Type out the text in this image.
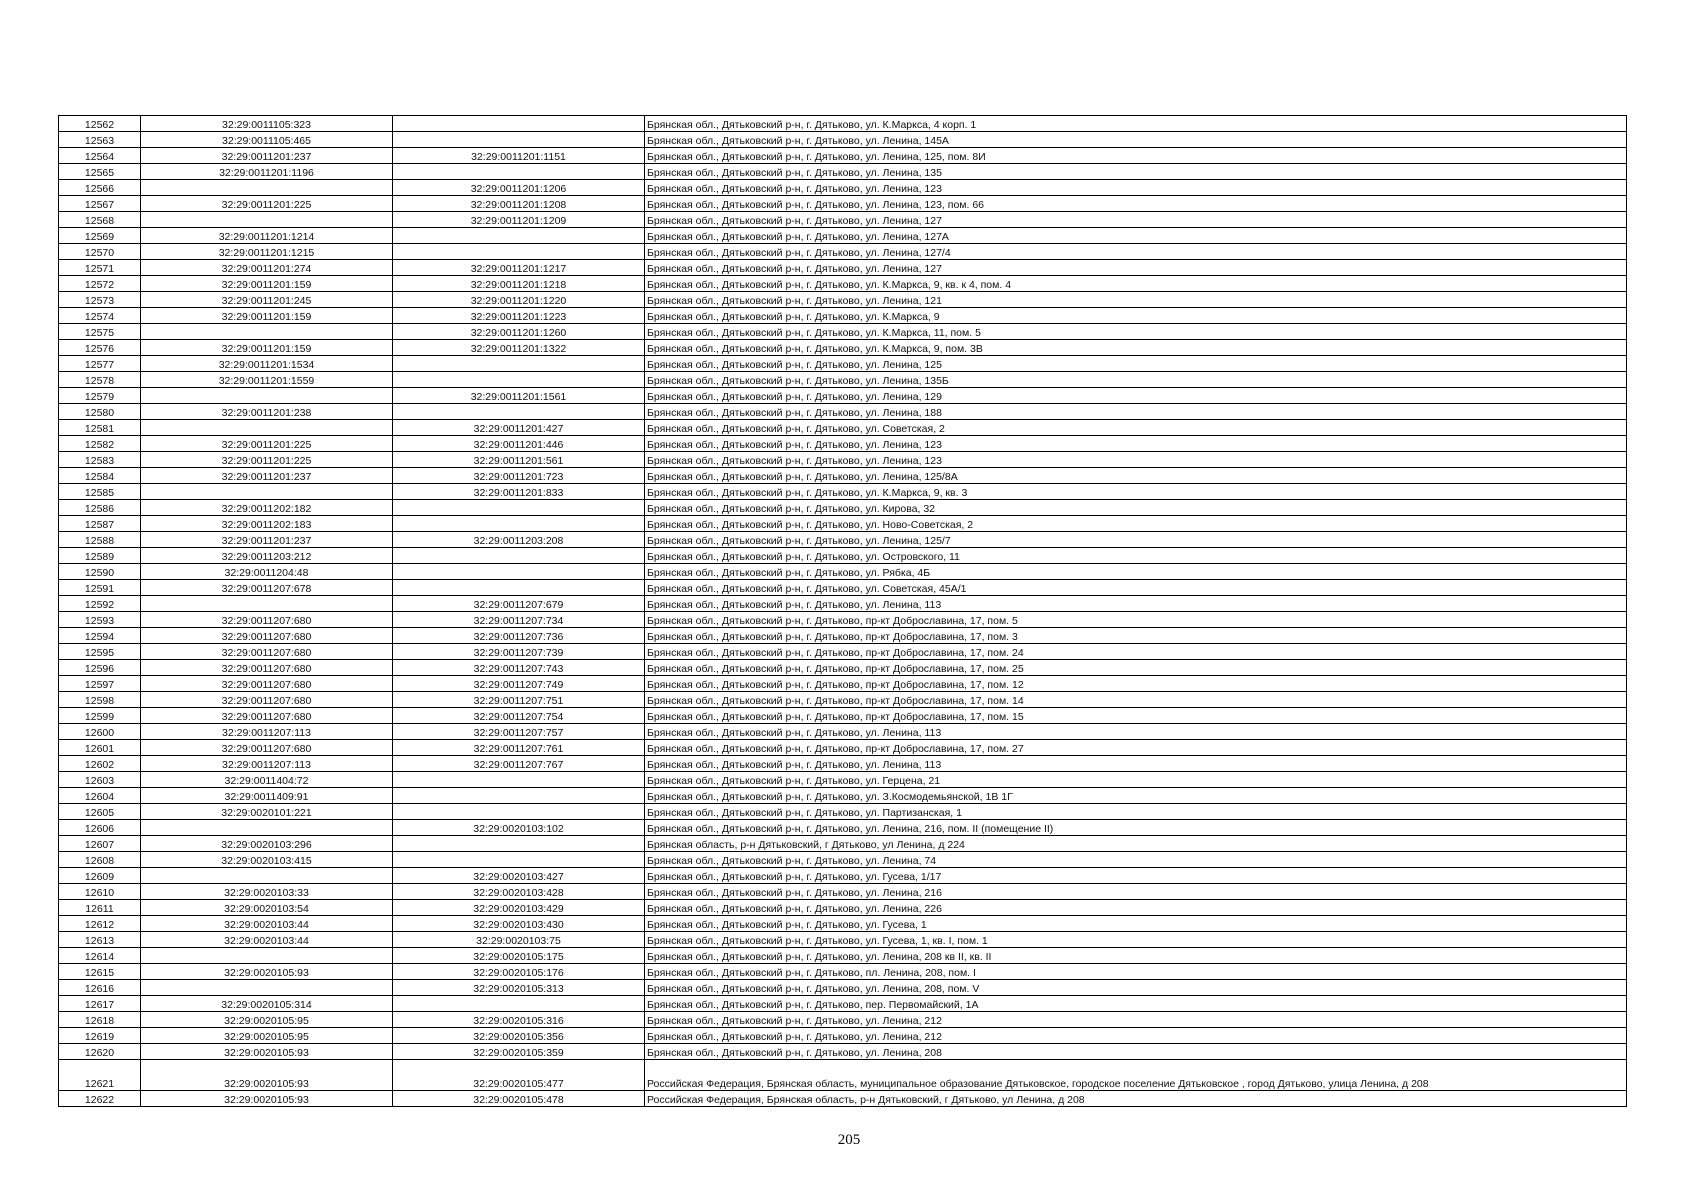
12562	32:29:0011105:323		Брянская обл., Дятьковский р-н, г. Дятьково, ул. К.Маркса, 4 корп. 1
12563	32:29:0011105:465		Брянская обл., Дятьковский р-н, г. Дятьково, ул. Ленина, 145А
12564	32:29:0011201:237	32:29:0011201:1151	Брянская обл., Дятьковский р-н, г. Дятьково, ул. Ленина, 125, пом. 8И
12565	32:29:0011201:1196		Брянская обл., Дятьковский р-н, г. Дятьково, ул. Ленина, 135
12566		32:29:0011201:1206	Брянская обл., Дятьковский р-н, г. Дятьково, ул. Ленина, 123
12567	32:29:0011201:225	32:29:0011201:1208	Брянская обл., Дятьковский р-н, г. Дятьково, ул. Ленина, 123, пом. 66
12568		32:29:0011201:1209	Брянская обл., Дятьковский р-н, г. Дятьково, ул. Ленина, 127
12569	32:29:0011201:1214		Брянская обл., Дятьковский р-н, г. Дятьково, ул. Ленина, 127А
12570	32:29:0011201:1215		Брянская обл., Дятьковский р-н, г. Дятьково, ул. Ленина, 127/4
12571	32:29:0011201:274	32:29:0011201:1217	Брянская обл., Дятьковский р-н, г. Дятьково, ул. Ленина, 127
12572	32:29:0011201:159	32:29:0011201:1218	Брянская обл., Дятьковский р-н, г. Дятьково, ул. К.Маркса, 9, кв. к 4, пом. 4
12573	32:29:0011201:245	32:29:0011201:1220	Брянская обл., Дятьковский р-н, г. Дятьково, ул. Ленина, 121
12574	32:29:0011201:159	32:29:0011201:1223	Брянская обл., Дятьковский р-н, г. Дятьково, ул. К.Маркса, 9
12575		32:29:0011201:1260	Брянская обл., Дятьковский р-н, г. Дятьково, ул. К.Маркса, 11, пом. 5
12576	32:29:0011201:159	32:29:0011201:1322	Брянская обл., Дятьковский р-н, г. Дятьково, ул. К.Маркса, 9, пом. 3В
12577	32:29:0011201:1534		Брянская обл., Дятьковский р-н, г. Дятьково, ул. Ленина, 125
12578	32:29:0011201:1559		Брянская обл., Дятьковский р-н, г. Дятьково, ул. Ленина, 135Б
12579		32:29:0011201:1561	Брянская обл., Дятьковский р-н, г. Дятьково, ул. Ленина, 129
12580	32:29:0011201:238		Брянская обл., Дятьковский р-н, г. Дятьково, ул. Ленина, 188
12581		32:29:0011201:427	Брянская обл., Дятьковский р-н, г. Дятьково, ул. Советская, 2
12582	32:29:0011201:225	32:29:0011201:446	Брянская обл., Дятьковский р-н, г. Дятьково, ул. Ленина, 123
12583	32:29:0011201:225	32:29:0011201:561	Брянская обл., Дятьковский р-н, г. Дятьково, ул. Ленина, 123
12584	32:29:0011201:237	32:29:0011201:723	Брянская обл., Дятьковский р-н, г. Дятьково, ул. Ленина, 125/8А
12585		32:29:0011201:833	Брянская обл., Дятьковский р-н, г. Дятьково, ул. К.Маркса, 9, кв. 3
12586	32:29:0011202:182		Брянская обл., Дятьковский р-н, г. Дятьково, ул. Кирова, 32
12587	32:29:0011202:183		Брянская обл., Дятьковский р-н, г. Дятьково, ул. Ново-Советская, 2
12588	32:29:0011201:237	32:29:0011203:208	Брянская обл., Дятьковский р-н, г. Дятьково, ул. Ленина, 125/7
12589	32:29:0011203:212		Брянская обл., Дятьковский р-н, г. Дятьково, ул. Островского, 11
12590	32:29:0011204:48		Брянская обл., Дятьковский р-н, г. Дятьково, ул. Рябка, 4Б
12591	32:29:0011207:678		Брянская обл., Дятьковский р-н, г. Дятьково, ул. Советская, 45А/1
12592		32:29:0011207:679	Брянская обл., Дятьковский р-н, г. Дятьково, ул. Ленина, 113
12593	32:29:0011207:680	32:29:0011207:734	Брянская обл., Дятьковский р-н, г. Дятьково, пр-кт Доброславина, 17, пом. 5
12594	32:29:0011207:680	32:29:0011207:736	Брянская обл., Дятьковский р-н, г. Дятьково, пр-кт Доброславина, 17, пом. 3
12595	32:29:0011207:680	32:29:0011207:739	Брянская обл., Дятьковский р-н, г. Дятьково, пр-кт Доброславина, 17, пом. 24
12596	32:29:0011207:680	32:29:0011207:743	Брянская обл., Дятьковский р-н, г. Дятьково, пр-кт Доброславина, 17, пом. 25
12597	32:29:0011207:680	32:29:0011207:749	Брянская обл., Дятьковский р-н, г. Дятьково, пр-кт Доброславина, 17, пом. 12
12598	32:29:0011207:680	32:29:0011207:751	Брянская обл., Дятьковский р-н, г. Дятьково, пр-кт Доброславина, 17, пом. 14
12599	32:29:0011207:680	32:29:0011207:754	Брянская обл., Дятьковский р-н, г. Дятьково, пр-кт Доброславина, 17, пом. 15
12600	32:29:0011207:113	32:29:0011207:757	Брянская обл., Дятьковский р-н, г. Дятьково, ул. Ленина, 113
12601	32:29:0011207:680	32:29:0011207:761	Брянская обл., Дятьковский р-н, г. Дятьково, пр-кт Доброславина, 17, пом. 27
12602	32:29:0011207:113	32:29:0011207:767	Брянская обл., Дятьковский р-н, г. Дятьково, ул. Ленина, 113
12603	32:29:0011404:72		Брянская обл., Дятьковский р-н, г. Дятьково, ул. Герцена, 21
12604	32:29:0011409:91		Брянская обл., Дятьковский р-н, г. Дятьково, ул. З.Космодемьянской, 1В 1Г
12605	32:29:0020101:221		Брянская обл., Дятьковский р-н, г. Дятьково, ул. Партизанская, 1
12606		32:29:0020103:102	Брянская обл., Дятьковский р-н, г. Дятьково, ул. Ленина, 216, пом. II (помещение II)
12607	32:29:0020103:296		Брянская область, р-н Дятьковский, г Дятьково, ул Ленина, д 224
12608	32:29:0020103:415		Брянская обл., Дятьковский р-н, г. Дятьково, ул. Ленина, 74
12609		32:29:0020103:427	Брянская обл., Дятьковский р-н, г. Дятьково, ул. Гусева, 1/17
12610	32:29:0020103:33	32:29:0020103:428	Брянская обл., Дятьковский р-н, г. Дятьково, ул. Ленина, 216
12611	32:29:0020103:54	32:29:0020103:429	Брянская обл., Дятьковский р-н, г. Дятьково, ул. Ленина, 226
12612	32:29:0020103:44	32:29:0020103:430	Брянская обл., Дятьковский р-н, г. Дятьково, ул. Гусева, 1
12613	32:29:0020103:44	32:29:0020103:75	Брянская обл., Дятьковский р-н, г. Дятьково, ул. Гусева, 1, кв. I, пом. 1
12614		32:29:0020105:175	Брянская обл., Дятьковский р-н, г. Дятьково, ул. Ленина, 208 кв II, кв. II
12615	32:29:0020105:93	32:29:0020105:176	Брянская обл., Дятьковский р-н, г. Дятьково, пл. Ленина, 208, пом. I
12616		32:29:0020105:313	Брянская обл., Дятьковский р-н, г. Дятьково, ул. Ленина, 208, пом. V
12617	32:29:0020105:314		Брянская обл., Дятьковский р-н, г. Дятьково, пер. Первомайский, 1А
12618	32:29:0020105:95	32:29:0020105:316	Брянская обл., Дятьковский р-н, г. Дятьково, ул. Ленина, 212
12619	32:29:0020105:95	32:29:0020105:356	Брянская обл., Дятьковский р-н, г. Дятьково, ул. Ленина, 212
12620	32:29:0020105:93	32:29:0020105:359	Брянская обл., Дятьковский р-н, г. Дятьково, ул. Ленина, 208
12621	32:29:0020105:93	32:29:0020105:477	Российская Федерация, Брянская область, муниципальное образование Дятьковское, городское поселение Дятьковское , город Дятьково, улица Ленина, д 208
12622	32:29:0020105:93	32:29:0020105:478	Российская Федерация, Брянская область, р-н Дятьковский, г Дятьково, ул Ленина, д 208
205
